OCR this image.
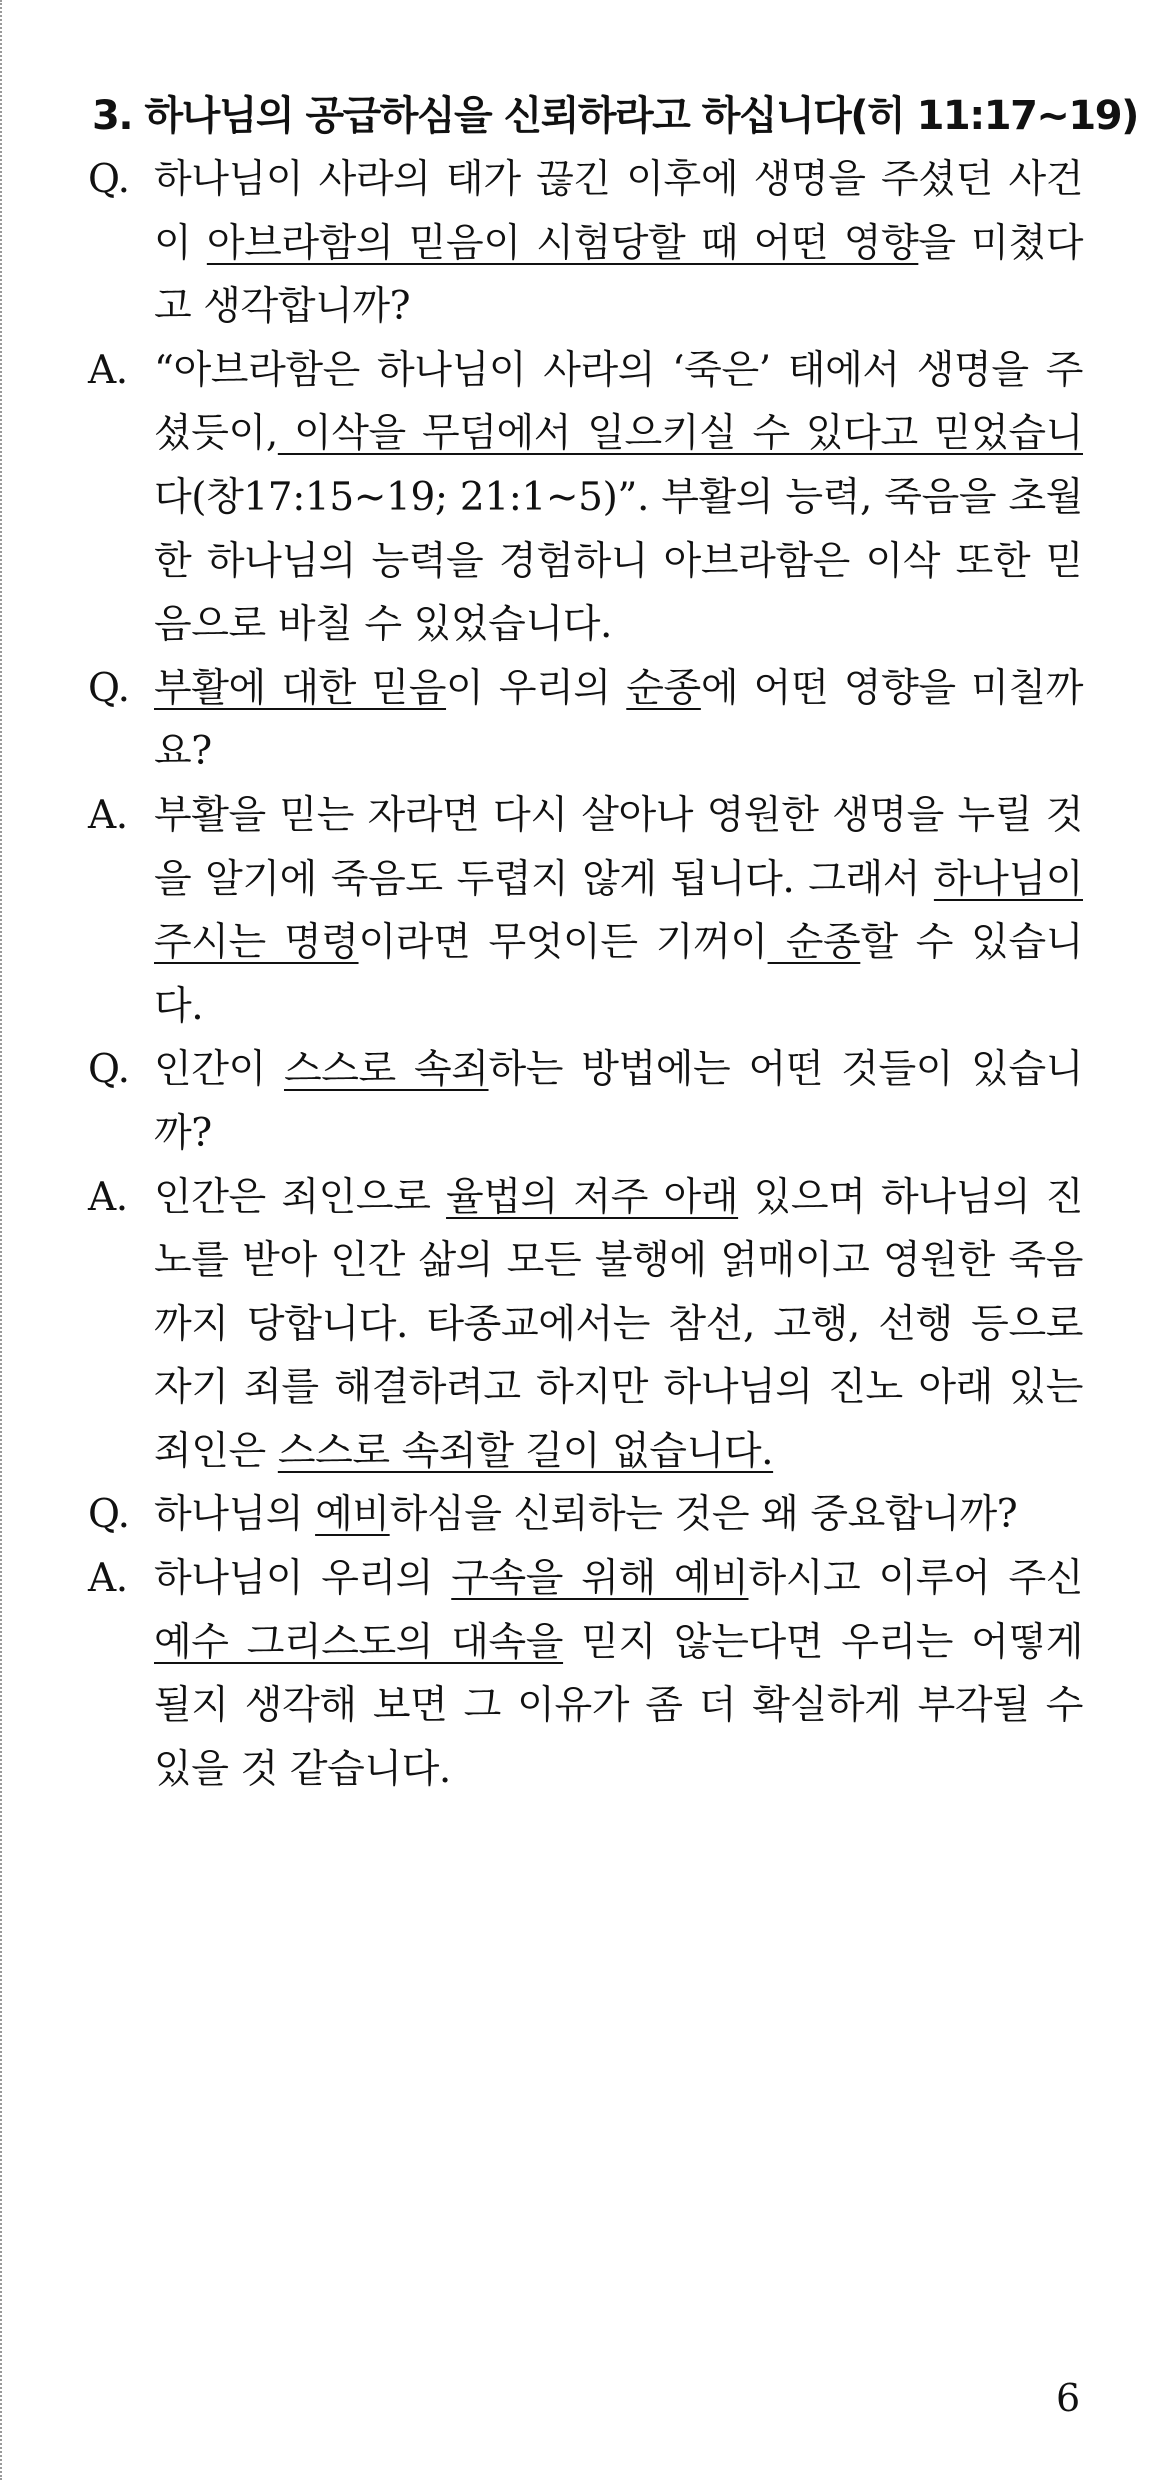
3. 하나님의 공급하심을 신뢰하라고 하십니다(히 11:17~19)
Q. 하나님이 사라의 태가 끊긴 이후에 생명을 주셨던 사건 이 아브라함의 믿음이 시험당할 때 어떤 영향을 미쳤다 고 생각합니까?
A. “아브라함은 하나님이 사라의 ‘죽은’ 태에서 생명을 주셨듯이, 이삭을 무덤에서 일으키실 수 있다고 믿었습니 다(창17:15~19; 21:1~5)”. 부활의 능력, 죽음을 초월 한 하나님의 능력을 경험하니 아브라함은 이삭 또한 믿 음으로 바칠 수 있었습니다.
Q. 부활에 대한 믿음이 우리의 순종에 어떤 영향을 미칠까 요?
A. 부활을 믿는 자라면 다시 살아나 영원한 생명을 누릴 것 을 알기에 죽음도 두렵지 않게 됩니다. 그래서 하나님이 주시는 명령이라면 무엇이든 기꺼이 순종할 수 있습니다.
Q. 인간이 스스로 속죄하는 방법에는 어떤 것들이 있습니 까?
A. 인간은 죄인으로 율법의 저주 아래 있으며 하나님의 진 노를 받아 인간 삶의 모든 불행에 얽매이고 영원한 죽음 까지 당합니다. 타종교에서는 참선, 고행, 선행 등으로 자기 죄를 해결하려고 하지만 하나님의 진노 아래 있는 죄인은 스스로 속죄할 길이 없습니다.
Q. 하나님의 예비하심을 신뢰하는 것은 왜 중요합니까?
A. 하나님이 우리의 구속을 위해 예비하시고 이루어 주신 예수 그리스도의 대속을 믿지 않는다면 우리는 어떻게 될지 생각해 보면 그 이유가 좀 더 확실하게 부각될 수 있을 것 같습니다.
6
